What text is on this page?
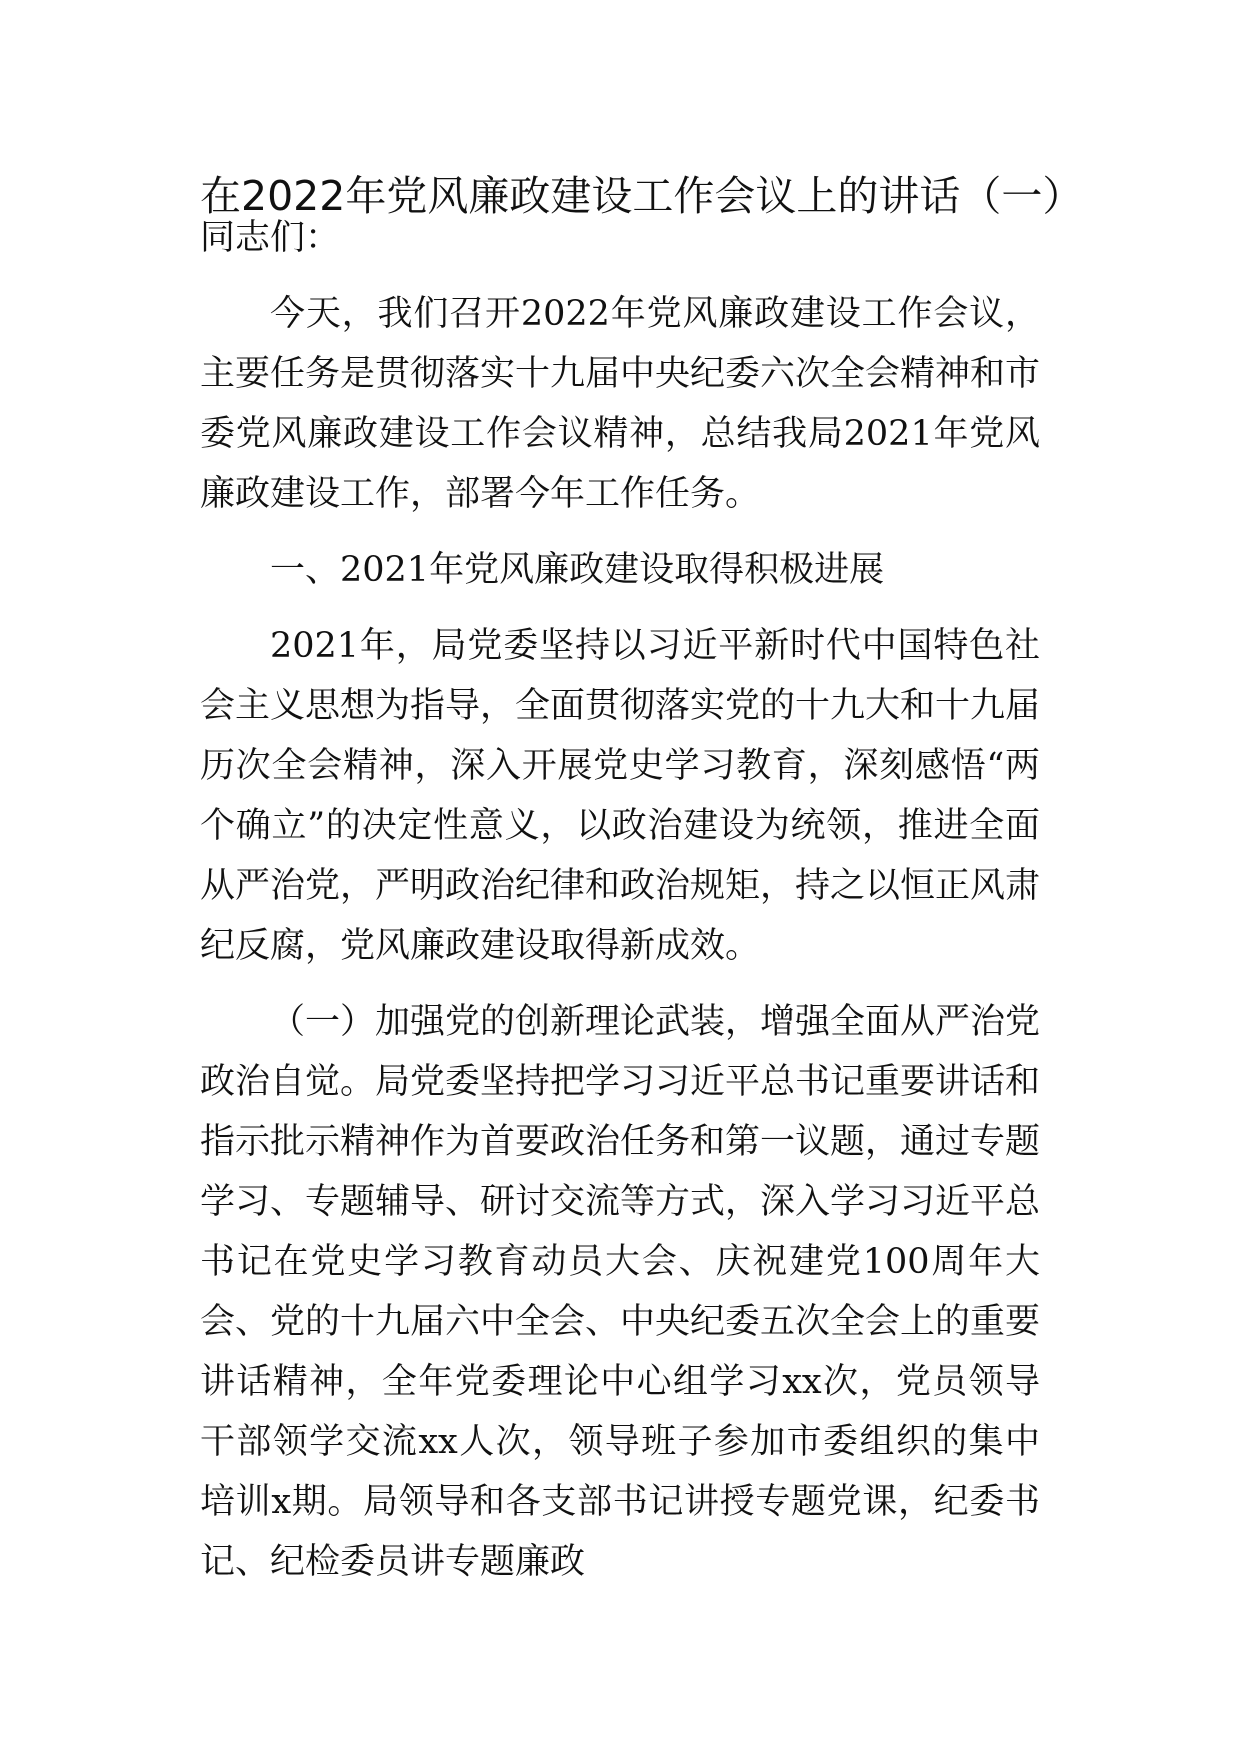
在2022年党风廉政建设工作会议上的讲话（一）

同志们：

今天，我们召开2022年党风廉政建设工作会议，主要任务是贯彻落实十九届中央纪委六次全会精神和市委党风廉政建设工作会议精神，总结我局2021年党风廉政建设工作，部署今年工作任务。

一、2021年党风廉政建设取得积极进展

2021年，局党委坚持以习近平新时代中国特色社会主义思想为指导，全面贯彻落实党的十九大和十九届历次全会精神，深入开展党史学习教育，深刻感悟“两个确立”的决定性意义，以政治建设为统领，推进全面从严治党，严明政治纪律和政治规矩，持之以恒正风肃纪反腐，党风廉政建设取得新成效。

（一）加强党的创新理论武装，增强全面从严治党政治自觉。局党委坚持把学习习近平总书记重要讲话和指示批示精神作为首要政治任务和第一议题，通过专题学习、专题辅导、研讨交流等方式，深入学习习近平总书记在党史学习教育动员大会、庆祝建党100周年大会、党的十九届六中全会、中央纪委五次全会上的重要讲话精神，全年党委理论中心组学习xx次，党员领导干部领学交流xx人次，领导班子参加市委组织的集中培训x期。局领导和各支部书记讲授专题党课，纪委书记、纪检委员讲专题廉政
